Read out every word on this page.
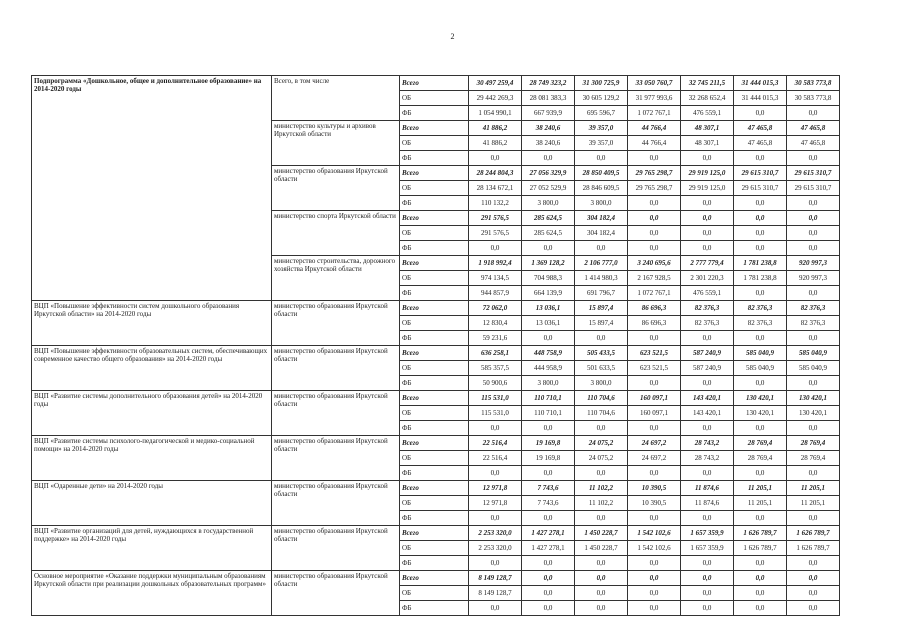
2
Подпрограмма «Дошкольное, общее и дополнительное образование» на 2014-2020 годы	Всего, в том числе	Всего	30 497 259,4	28 749 323,2	31 300 725,9	33 050 760,7	32 745 211,5	31 444 015,3	30 583 773,8
		ОБ	29 442 269,3	28 081 383,3	30 605 129,2	31 977 993,6	32 268 652,4	31 444 015,3	30 583 773,8
		ФБ	1 054 990,1	667 939,9	695 596,7	1 072 767,1	476 559,1	0,0	0,0
	министерство культуры и архивов Иркутской области	Всего	41 886,2	38 240,6	39 357,0	44 766,4	48 307,1	47 465,8	47 465,8
		ОБ	41 886,2	38 240,6	39 357,0	44 766,4	48 307,1	47 465,8	47 465,8
		ФБ	0,0	0,0	0,0	0,0	0,0	0,0	0,0
	министерство образования Иркутской области	Всего	28 244 804,3	27 056 329,9	28 850 409,5	29 765 298,7	29 919 125,0	29 615 310,7	29 615 310,7
		ОБ	28 134 672,1	27 052 529,9	28 846 609,5	29 765 298,7	29 919 125,0	29 615 310,7	29 615 310,7
		ФБ	110 132,2	3 800,0	3 800,0	0,0	0,0	0,0	0,0
	министерство спорта Иркутской области	Всего	291 576,5	285 624,5	304 182,4	0,0	0,0	0,0	0,0
		ОБ	291 576,5	285 624,5	304 182,4	0,0	0,0	0,0	0,0
		ФБ	0,0	0,0	0,0	0,0	0,0	0,0	0,0
	министерство строительства, дорожного хозяйства Иркутской области	Всего	1 918 992,4	1 369 128,2	2 106 777,0	3 240 695,6	2 777 779,4	1 781 238,8	920 997,3
		ОБ	974 134,5	704 988,3	1 414 980,3	2 167 928,5	2 301 220,3	1 781 238,8	920 997,3
		ФБ	944 857,9	664 139,9	691 796,7	1 072 767,1	476 559,1	0,0	0,0
ВЦП «Повышение эффективности систем дошкольного образования Иркутской области» на 2014-2020 годы	министерство образования Иркутской области	Всего	72 062,0	13 036,1	15 897,4	86 696,3	82 376,3	82 376,3	82 376,3
		ОБ	12 830,4	13 036,1	15 897,4	86 696,3	82 376,3	82 376,3	82 376,3
		ФБ	59 231,6	0,0	0,0	0,0	0,0	0,0	0,0
ВЦП «Повышение эффективности образовательных систем, обеспечивающих современное качество общего образования» на 2014-2020 годы	министерство образования Иркутской области	Всего	636 258,1	448 758,9	505 433,5	623 521,5	587 240,9	585 040,9	585 040,9
		ОБ	585 357,5	444 958,9	501 633,5	623 521,5	587 240,9	585 040,9	585 040,9
		ФБ	50 900,6	3 800,0	3 800,0	0,0	0,0	0,0	0,0
ВЦП «Развитие системы дополнительного образования детей» на 2014-2020 годы	министерство образования Иркутской области	Всего	115 531,0	110 710,1	110 704,6	160 097,1	143 420,1	130 420,1	130 420,1
		ОБ	115 531,0	110 710,1	110 704,6	160 097,1	143 420,1	130 420,1	130 420,1
		ФБ	0,0	0,0	0,0	0,0	0,0	0,0	0,0
ВЦП «Развитие системы психолого-педагогической и медико-социальной помощи» на 2014-2020 годы	министерство образования Иркутской области	Всего	22 516,4	19 169,8	24 075,2	24 697,2	28 743,2	28 769,4	28 769,4
		ОБ	22 516,4	19 169,8	24 075,2	24 697,2	28 743,2	28 769,4	28 769,4
		ФБ	0,0	0,0	0,0	0,0	0,0	0,0	0,0
ВЦП «Одаренные дети» на 2014-2020 годы	министерство образования Иркутской области	Всего	12 971,8	7 743,6	11 102,2	10 390,5	11 874,6	11 205,1	11 205,1
		ОБ	12 971,8	7 743,6	11 102,2	10 390,5	11 874,6	11 205,1	11 205,1
		ФБ	0,0	0,0	0,0	0,0	0,0	0,0	0,0
ВЦП «Развитие организаций для детей, нуждающихся в государственной поддержке» на 2014-2020 годы	министерство образования Иркутской области	Всего	2 253 320,0	1 427 278,1	1 450 228,7	1 542 102,6	1 657 359,9	1 626 789,7	1 626 789,7
		ОБ	2 253 320,0	1 427 278,1	1 450 228,7	1 542 102,6	1 657 359,9	1 626 789,7	1 626 789,7
		ФБ	0,0	0,0	0,0	0,0	0,0	0,0	0,0
Основное мероприятие «Оказание поддержки муниципальным образованиям Иркутской области при реализации дошкольных образовательных программ»	министерство образования Иркутской области	Всего	8 149 128,7	0,0	0,0	0,0	0,0	0,0	0,0
		ОБ	8 149 128,7	0,0	0,0	0,0	0,0	0,0	0,0
		ФБ	0,0	0,0	0,0	0,0	0,0	0,0	0,0
